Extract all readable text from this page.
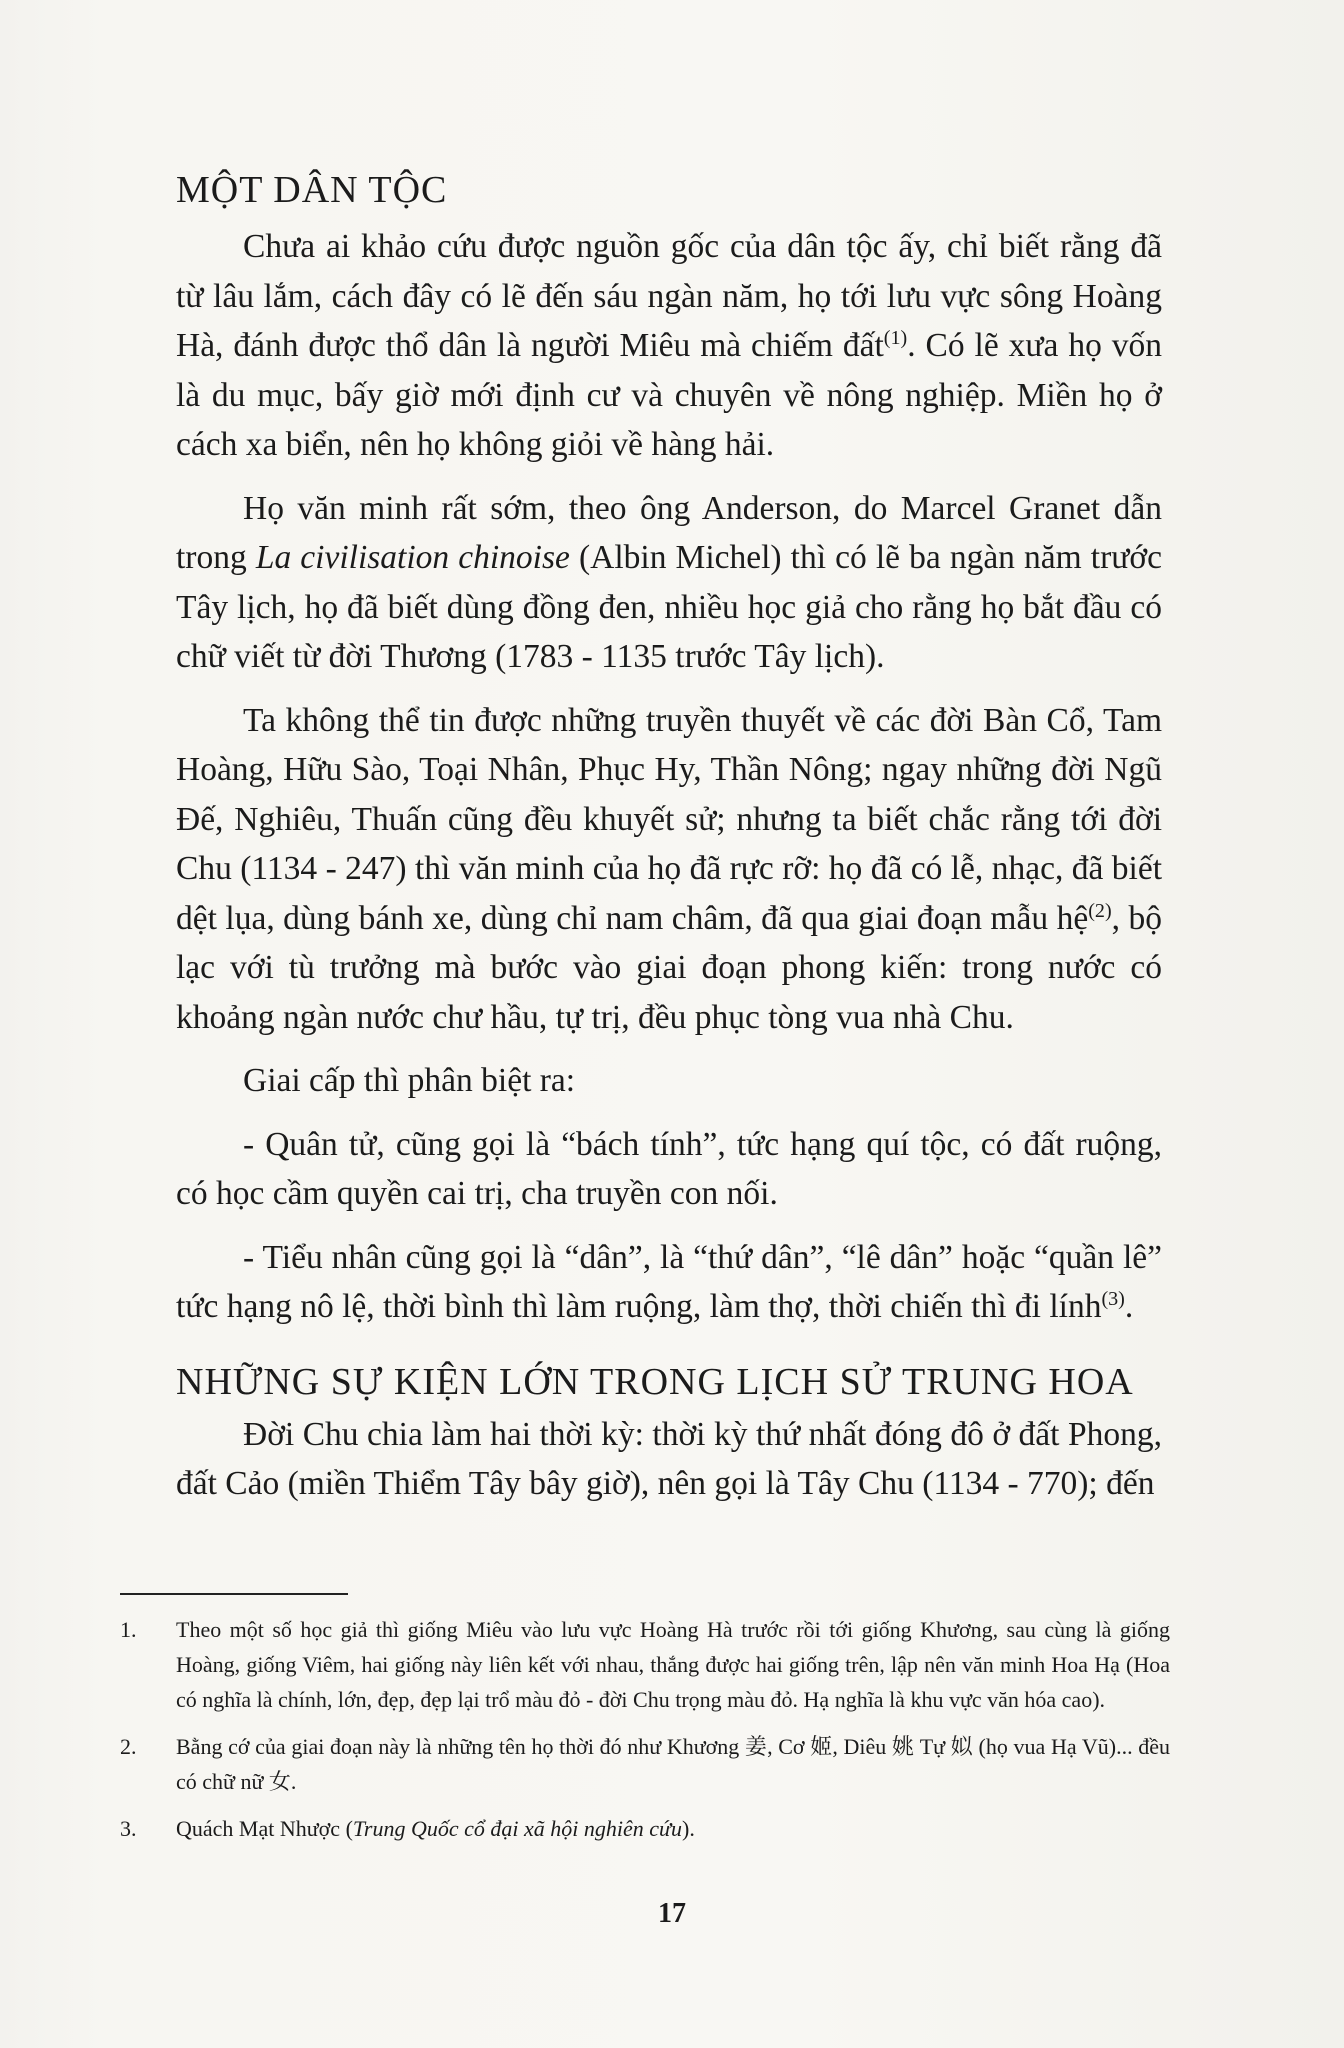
MỘT DÂN TỘC

Chưa ai khảo cứu được nguồn gốc của dân tộc ấy, chỉ biết rằng đã từ lâu lắm, cách đây có lẽ đến sáu ngàn năm, họ tới lưu vực sông Hoàng Hà, đánh được thổ dân là người Miêu mà chiếm đất$^{(1)}$. Có lẽ xưa họ vốn là du mục, bấy giờ mới định cư và chuyên về nông nghiệp. Miền họ ở cách xa biển, nên họ không giỏi về hàng hải.

Họ văn minh rất sớm, theo ông Anderson, do Marcel Granet dẫn trong La civilisation chinoise (Albin Michel) thì có lẽ ba ngàn năm trước Tây lịch, họ đã biết dùng đồng đen, nhiều học giả cho rằng họ bắt đầu có chữ viết từ đời Thương (1783 - 1135 trước Tây lịch).

Ta không thể tin được những truyền thuyết về các đời Bàn Cổ, Tam Hoàng, Hữu Sào, Toại Nhân, Phục Hy, Thần Nông; ngay những đời Ngũ Đế, Nghiêu, Thuấn cũng đều khuyết sử; nhưng ta biết chắc rằng tới đời Chu (1134 - 247) thì văn minh của họ đã rực rỡ: họ đã có lễ, nhạc, đã biết dệt lụa, dùng bánh xe, dùng chỉ nam châm, đã qua giai đoạn mẫu hệ$^{(2)}$, bộ lạc với tù trưởng mà bước vào giai đoạn phong kiến: trong nước có khoảng ngàn nước chư hầu, tự trị, đều phục tòng vua nhà Chu.

Giai cấp thì phân biệt ra:

- Quân tử, cũng gọi là “bách tính”, tức hạng quí tộc, có đất ruộng, có học cầm quyền cai trị, cha truyền con nối.

- Tiểu nhân cũng gọi là “dân”, là “thứ dân”, “lê dân” hoặc “quần lê” tức hạng nô lệ, thời bình thì làm ruộng, làm thợ, thời chiến thì đi lính$^{(3)}$.

NHỮNG SỰ KIỆN LỚN TRONG LỊCH SỬ TRUNG HOA

Đời Chu chia làm hai thời kỳ: thời kỳ thứ nhất đóng đô ở đất Phong, đất Cảo (miền Thiểm Tây bây giờ), nên gọi là Tây Chu (1134 - 770); đến

1.	Theo một số học giả thì giống Miêu vào lưu vực Hoàng Hà trước rồi tới giống Khương, sau cùng là giống Hoàng, giống Viêm, hai giống này liên kết với nhau, thắng được hai giống trên, lập nên văn minh Hoa Hạ (Hoa có nghĩa là chính, lớn, đẹp, đẹp lại trổ màu đỏ - đời Chu trọng màu đỏ. Hạ nghĩa là khu vực văn hóa cao).
2.	Bằng cớ của giai đoạn này là những tên họ thời đó như Khương 姜, Cơ 姬, Diêu 姚 Tự 姒 (họ vua Hạ Vũ)... đều có chữ nữ 女.
3.	Quách Mạt Nhược (Trung Quốc cổ đại xã hội nghiên cứu).
17
